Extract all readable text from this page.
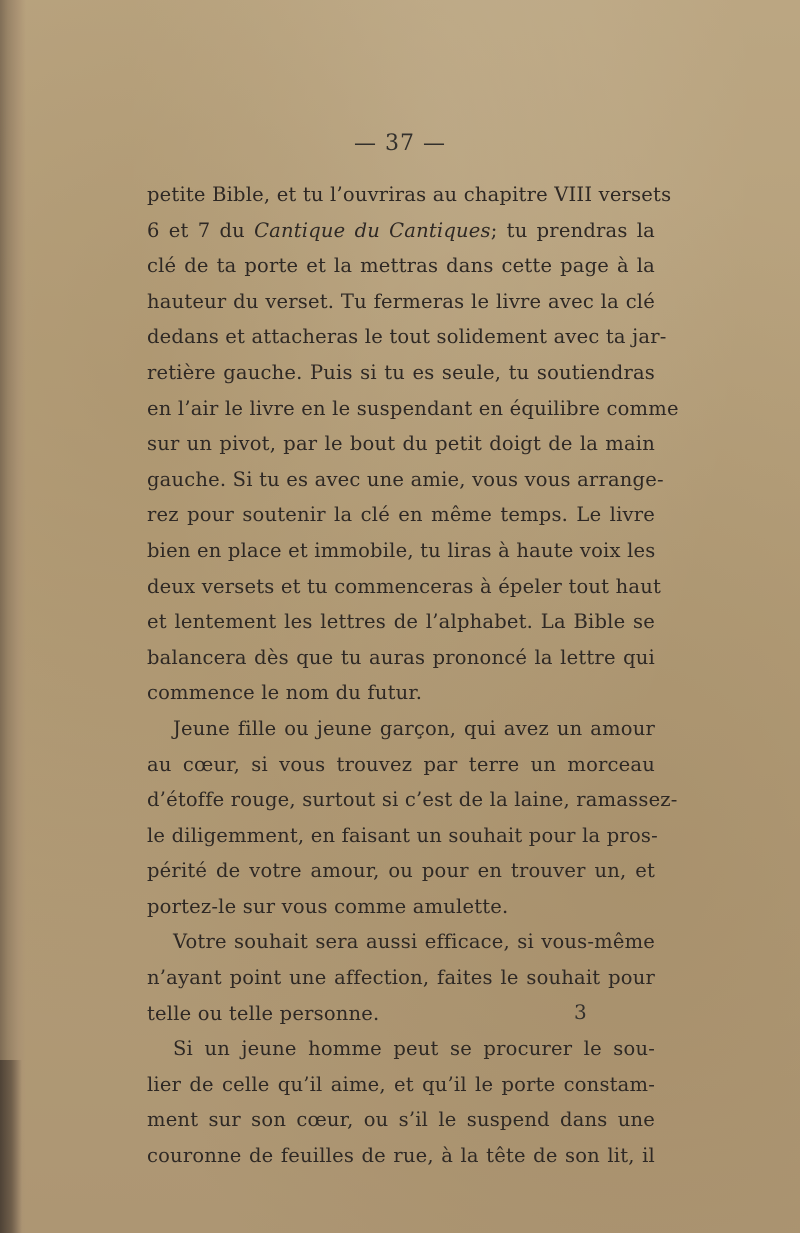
— 37 —
petite Bible, et tu l’ouvriras au chapitre VIII versets
6 et 7 du Cantique du Cantiques; tu prendras la
clé de ta porte et la mettras dans cette page à la
hauteur du verset. Tu fermeras le livre avec la clé
dedans et attacheras le tout solidement avec ta jar-
retière gauche. Puis si tu es seule, tu soutiendras
en l’air le livre en le suspendant en équilibre comme
sur un pivot, par le bout du petit doigt de la main
gauche. Si tu es avec une amie, vous vous arrange-
rez pour soutenir la clé en même temps. Le livre
bien en place et immobile, tu liras à haute voix les
deux versets et tu commenceras à épeler tout haut
et lentement les lettres de l’alphabet. La Bible se
balancera dès que tu auras prononcé la lettre qui
commence le nom du futur.
Jeune fille ou jeune garçon, qui avez un amour
au cœur, si vous trouvez par terre un morceau
d’étoffe rouge, surtout si c’est de la laine, ramassez-
le diligemment, en faisant un souhait pour la pros-
périté de votre amour, ou pour en trouver un, et
portez-le sur vous comme amulette.
Votre souhait sera aussi efficace, si vous-même
n’ayant point une affection, faites le souhait pour
telle ou telle personne.
Si un jeune homme peut se procurer le sou-
lier de celle qu’il aime, et qu’il le porte constam-
ment sur son cœur, ou s’il le suspend dans une
couronne de feuilles de rue, à la tête de son lit, il
3
